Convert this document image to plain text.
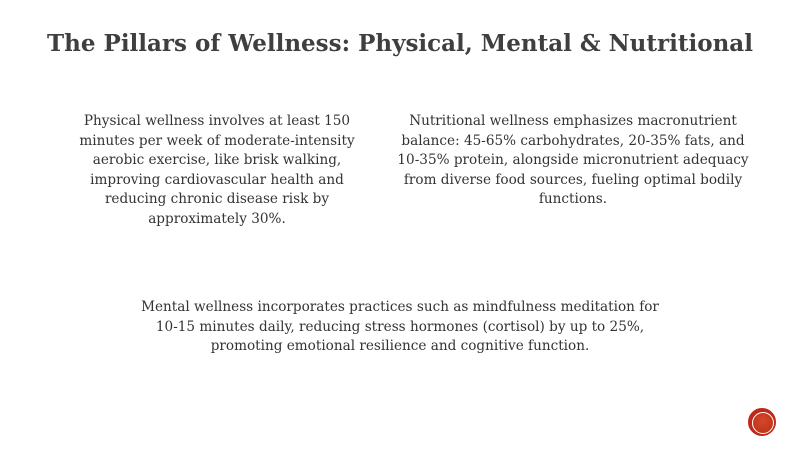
The Pillars of Wellness: Physical, Mental & Nutritional
Physical wellness involves at least 150 minutes per week of moderate-intensity aerobic exercise, like brisk walking, improving cardiovascular health and reducing chronic disease risk by approximately 30%.
Nutritional wellness emphasizes macronutrient balance: 45-65% carbohydrates, 20-35% fats, and 10-35% protein, alongside micronutrient adequacy from diverse food sources, fueling optimal bodily functions.
Mental wellness incorporates practices such as mindfulness meditation for 10-15 minutes daily, reducing stress hormones (cortisol) by up to 25%, promoting emotional resilience and cognitive function.
